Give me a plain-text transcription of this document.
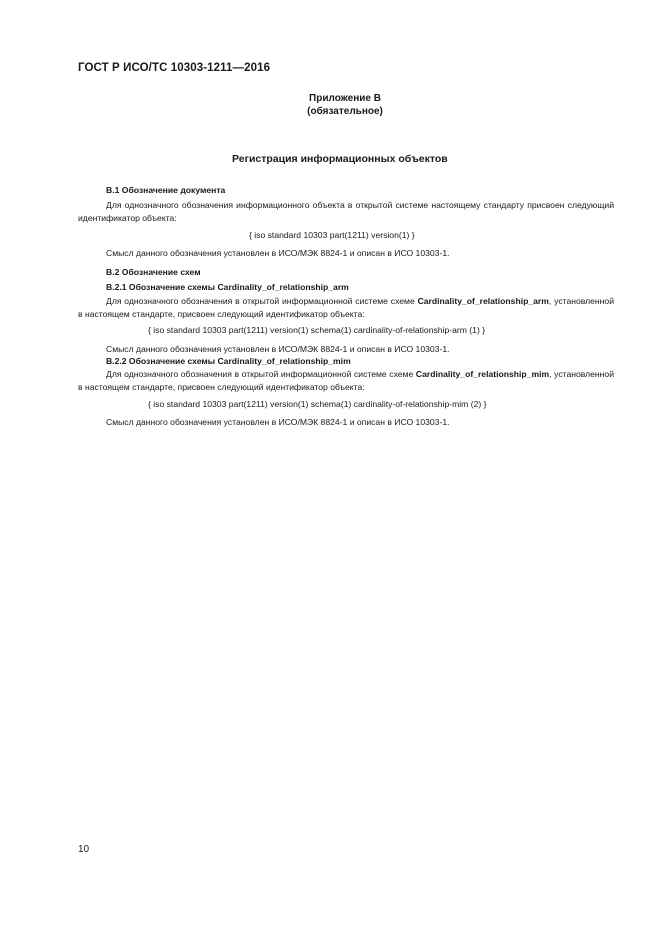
ГОСТ Р ИСО/ТС 10303-1211—2016
Приложение В
(обязательное)
Регистрация информационных объектов
В.1 Обозначение документа
Для однозначного обозначения информационного объекта в открытой системе настоящему стандарту присвоен следующий идентификатор объекта:
{ iso standard 10303 part(1211) version(1) }
Смысл данного обозначения установлен в ИСО/МЭК 8824-1 и описан в ИСО 10303-1.
В.2 Обозначение схем
В.2.1 Обозначение схемы Cardinality_of_relationship_arm
Для однозначного обозначения в открытой информационной системе схеме Cardinality_of_relationship_arm, установленной в настоящем стандарте, присвоен следующий идентификатор объекта:
{ iso standard 10303 part(1211) version(1) schema(1) cardinality-of-relationship-arm (1) }
Смысл данного обозначения установлен в ИСО/МЭК 8824-1 и описан в ИСО 10303-1.
В.2.2 Обозначение схемы Cardinality_of_relationship_mim
Для однозначного обозначения в открытой информационной системе схеме Cardinality_of_relationship_mim, установленной в настоящем стандарте, присвоен следующий идентификатор объекта:
{ iso standard 10303 part(1211) version(1) schema(1) cardinality-of-relationship-mim (2) }
Смысл данного обозначения установлен в ИСО/МЭК 8824-1 и описан в ИСО 10303-1.
10
